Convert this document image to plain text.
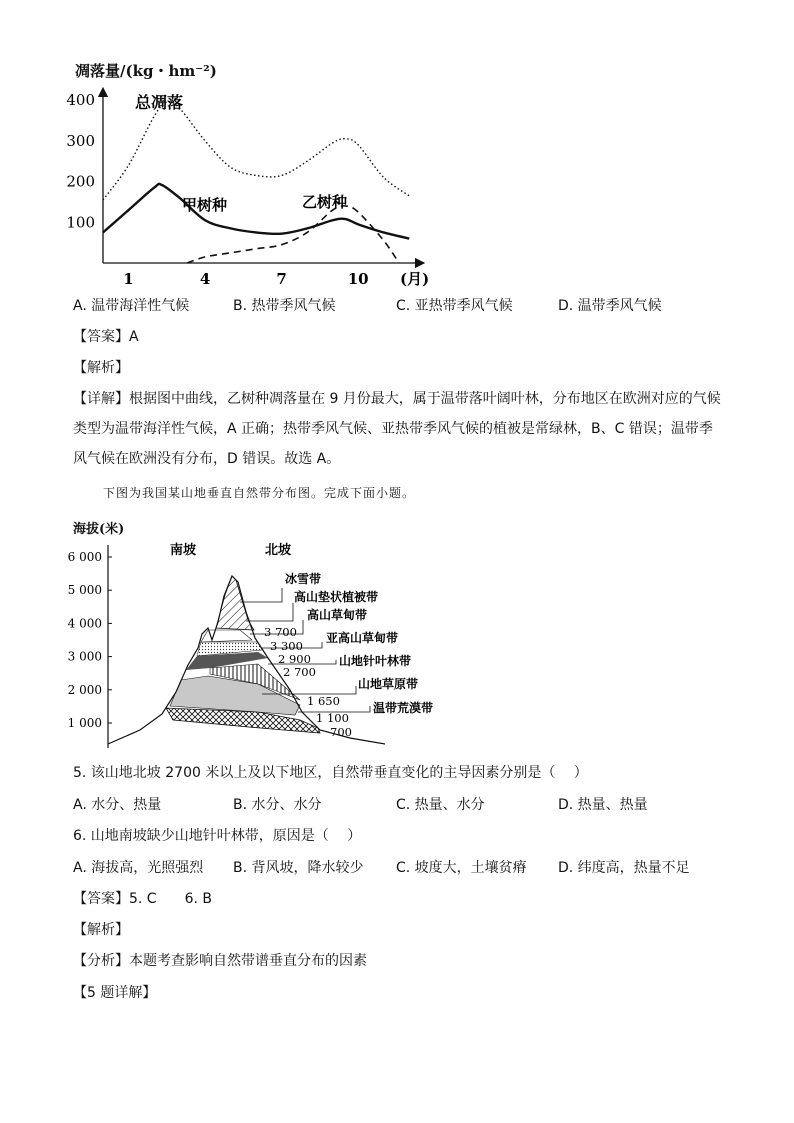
凋落量/(kg・hm⁻²)
100
200
300
400
1	4	7	10 (月)
总凋落
甲树种	乙树种
A. 温带海洋性气候	B. 热带季风气候	C. 亚热带季风气候	D. 温带季风气候
【答案】A
【解析】
【详解】根据图中曲线，乙树种凋落量在 9 月份最大，属于温带落叶阔叶林，分布地区在欧洲对应的气候类型为温带海洋性气候，A 正确；热带季风气候、亚热带季风气候的植被是常绿林，B、C 错误；温带季风气候在欧洲没有分布，D 错误。故选 A。
下图为我国某山地垂直自然带分布图。完成下面小题。
海拔(米)
6 000
5 000
4 000
3 000
2 000
1 000
南坡	北坡
冰雪带
高山垫状植被带
高山草甸带
亚高山草甸带
山地针叶林带
山地草原带
温带荒漠带
3 700
3 300
2 900
2 700
1 650
1 100
700
5. 该山地北坡 2700 米以上及以下地区，自然带垂直变化的主导因素分别是（　 ）
A. 水分、热量	B. 水分、水分	C. 热量、水分	D. 热量、热量
6. 山地南坡缺少山地针叶林带，原因是（　 ）
A. 海拔高，光照强烈 B. 背风坡，降水较少 C. 坡度大，土壤贫瘠 D. 纬度高，热量不足
【答案】5. C　　6. B
【解析】
【分析】本题考查影响自然带谱垂直分布的因素
【5 题详解】
